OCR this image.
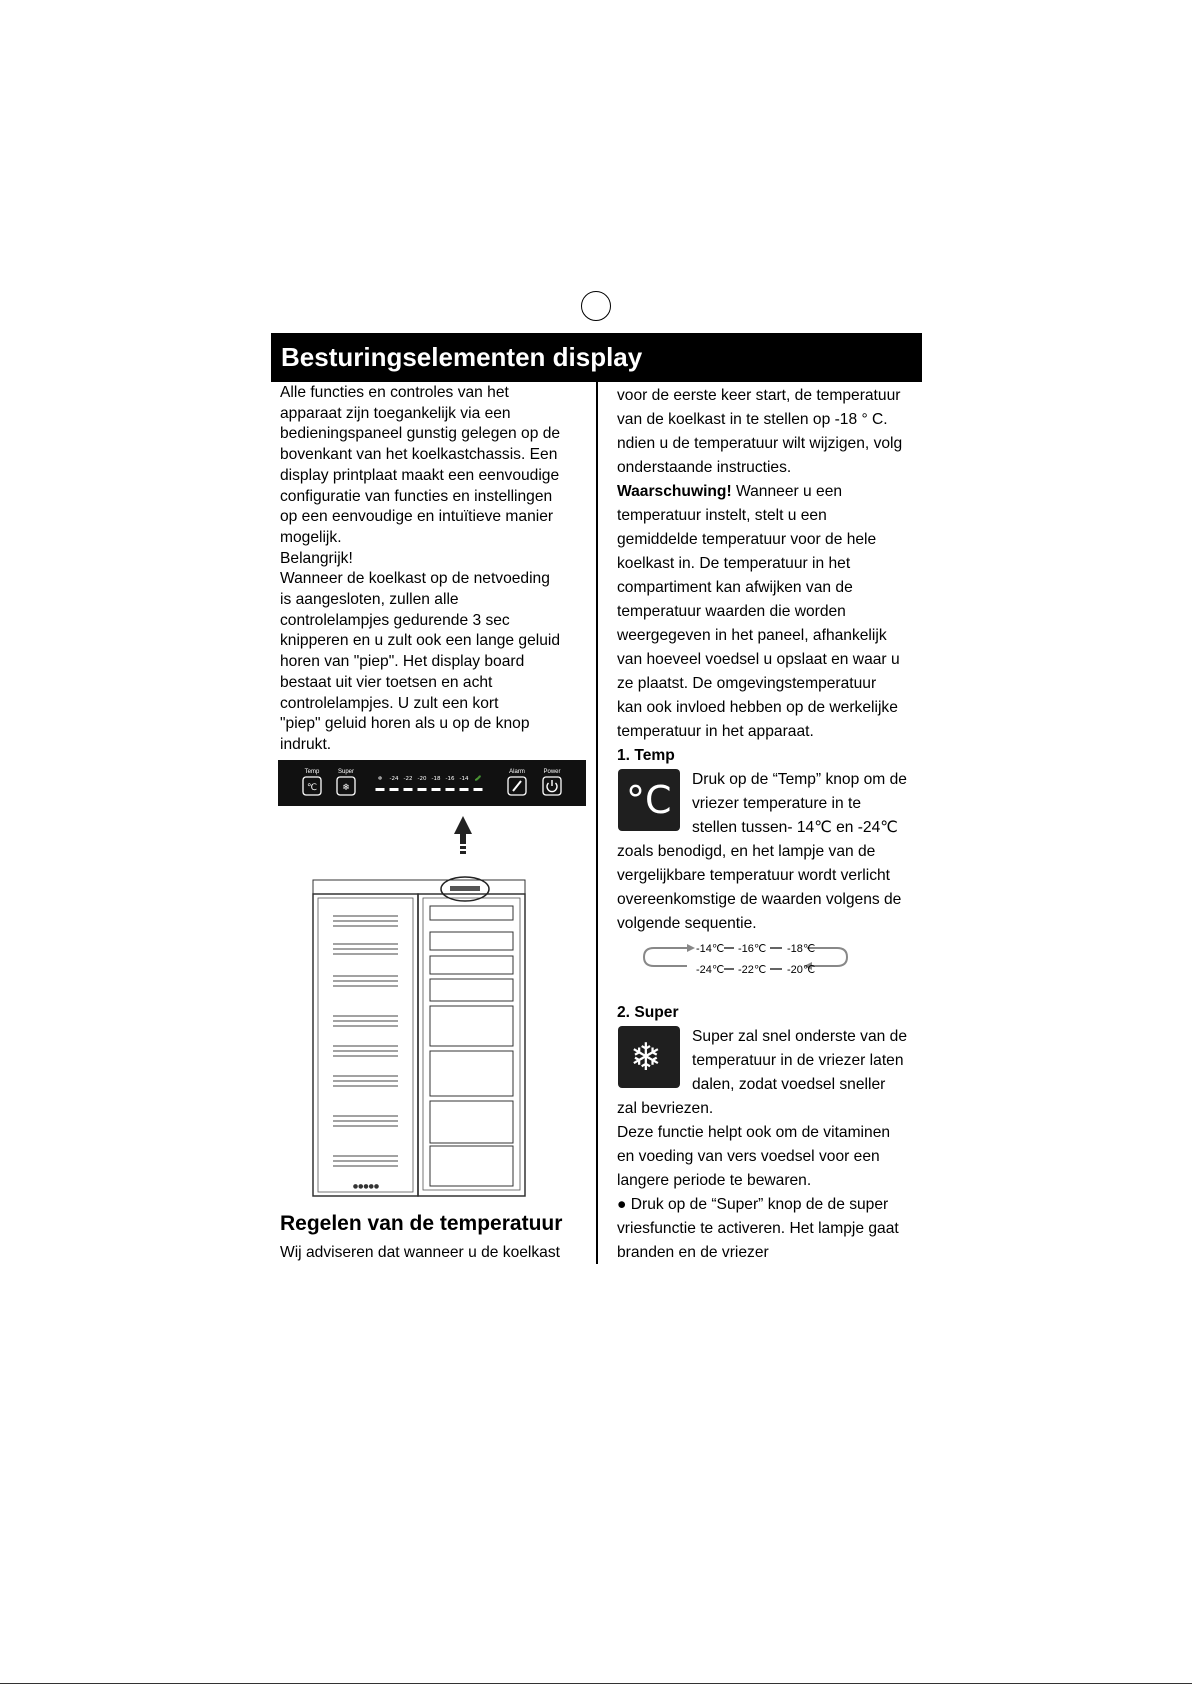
Besturingselementen display
Alle functies en controles van het
apparaat zijn toegankelijk via een
bedieningspaneel gunstig gelegen op de
bovenkant van het koelkastchassis. Een
display printplaat maakt een eenvoudige
configuratie van functies en instellingen
op een eenvoudige en intuïtieve manier
mogelijk.
Belangrijk!
Wanneer de koelkast op de netvoeding
is aangesloten, zullen alle
controlelampjes gedurende 3 sec
knipperen en u zult ook een lange geluid
horen van "piep". Het display board
bestaat uit vier toetsen en acht
controlelampjes. U zult een kort
"piep" geluid horen als u op de knop
indrukt.
Temp
℃
Super
❄
❄ -24 -22 -20 -18 -16 -14 🥒
Alarm	Power
●●●●●
Regelen van de temperatuur
Wij adviseren dat wanneer u de koelkast
voor de eerste keer start, de temperatuur
van de koelkast in te stellen op -18 ° C.
ndien u de temperatuur wilt wijzigen, volg
onderstaande instructies.
Waarschuwing! Wanneer u een
temperatuur instelt, stelt u een
gemiddelde temperatuur voor de hele
koelkast in. De temperatuur in het
compartiment kan afwijken van de
temperatuur waarden die worden
weergegeven in het paneel, afhankelijk
van hoeveel voedsel u opslaat en waar u
ze plaatst. De omgevingstemperatuur
kan ook invloed hebben op de werkelijke
temperatuur in het apparaat.
1. Temp
Druk op de “Temp” knop om de
vriezer temperature in te
stellen tussen- 14℃ en -24℃
zoals benodigd, en het lampje van de
vergelijkbare temperatuur wordt verlicht
overeenkomstige de waarden volgens de
volgende sequentie.
2. Super
Super zal snel onderste van de
temperatuur in de vriezer laten
dalen, zodat voedsel sneller
zal bevriezen.
Deze functie helpt ook om de vitaminen
en voeding van vers voedsel voor een
langere periode te bewaren.
● Druk op de “Super” knop de de super
vriesfunctie te activeren. Het lampje gaat
branden en de vriezer
°C
❄
-14℃ -16℃ -18℃
-24℃ -22℃ -20℃
